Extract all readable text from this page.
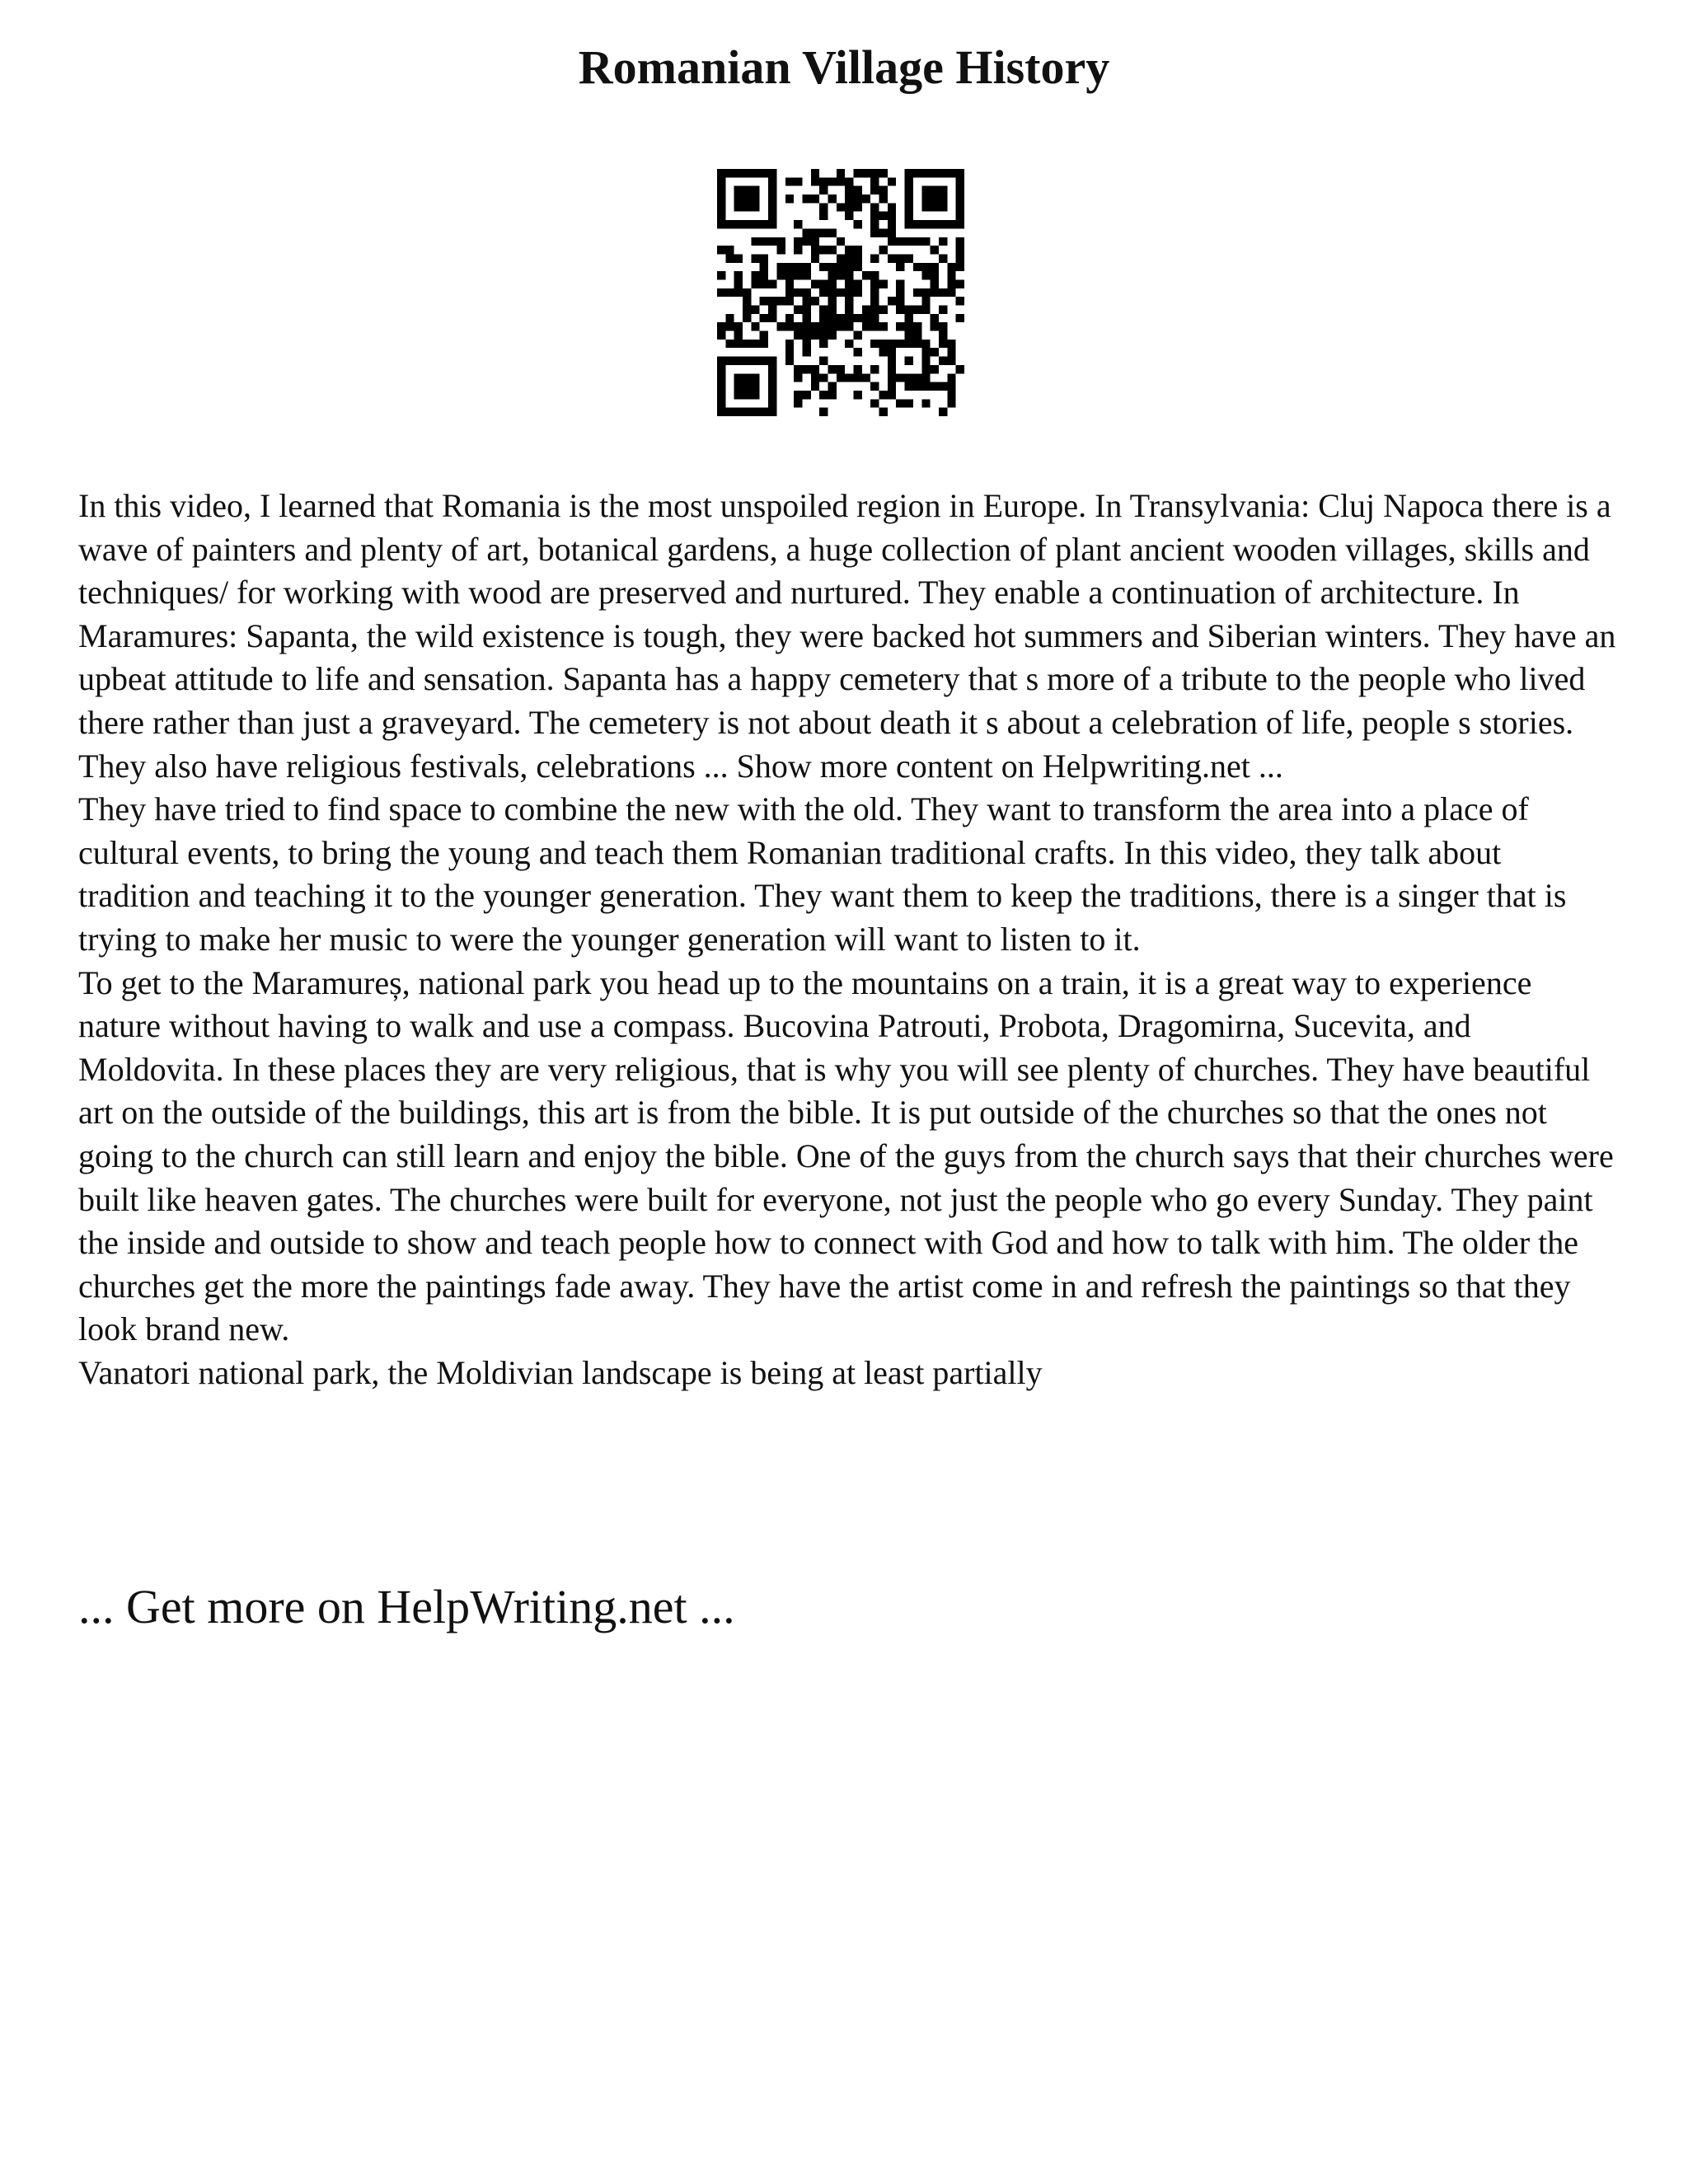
Romanian Village History

In this video, I learned that Romania is the most unspoiled region in Europe. In Transylvania: Cluj Napoca there is a wave of painters and plenty of art, botanical gardens, a huge collection of plant ancient wooden villages, skills and techniques/ for working with wood are preserved and nurtured. They enable a continuation of architecture. In Maramures: Sapanta, the wild existence is tough, they were backed hot summers and Siberian winters. They have an upbeat attitude to life and sensation. Sapanta has a happy cemetery that s more of a tribute to the people who lived there rather than just a graveyard. The cemetery is not about death it s about a celebration of life, people s stories. They also have religious festivals, celebrations ... Show more content on Helpwriting.net ...

They have tried to find space to combine the new with the old. They want to transform the area into a place of cultural events, to bring the young and teach them Romanian traditional crafts. In this video, they talk about tradition and teaching it to the younger generation. They want them to keep the traditions, there is a singer that is trying to make her music to were the younger generation will want to listen to it.

To get to the Maramureș, national park you head up to the mountains on a train, it is a great way to experience nature without having to walk and use a compass. Bucovina Patrouti, Probota, Dragomirna, Sucevita, and Moldovita. In these places they are very religious, that is why you will see plenty of churches. They have beautiful art on the outside of the buildings, this art is from the bible. It is put outside of the churches so that the ones not going to the church can still learn and enjoy the bible. One of the guys from the church says that their churches were built like heaven gates. The churches were built for everyone, not just the people who go every Sunday. They paint the inside and outside to show and teach people how to connect with God and how to talk with him. The older the churches get the more the paintings fade away. They have the artist come in and refresh the paintings so that they look brand new.

Vanatori national park, the Moldivian landscape is being at least partially

... Get more on HelpWriting.net ...
